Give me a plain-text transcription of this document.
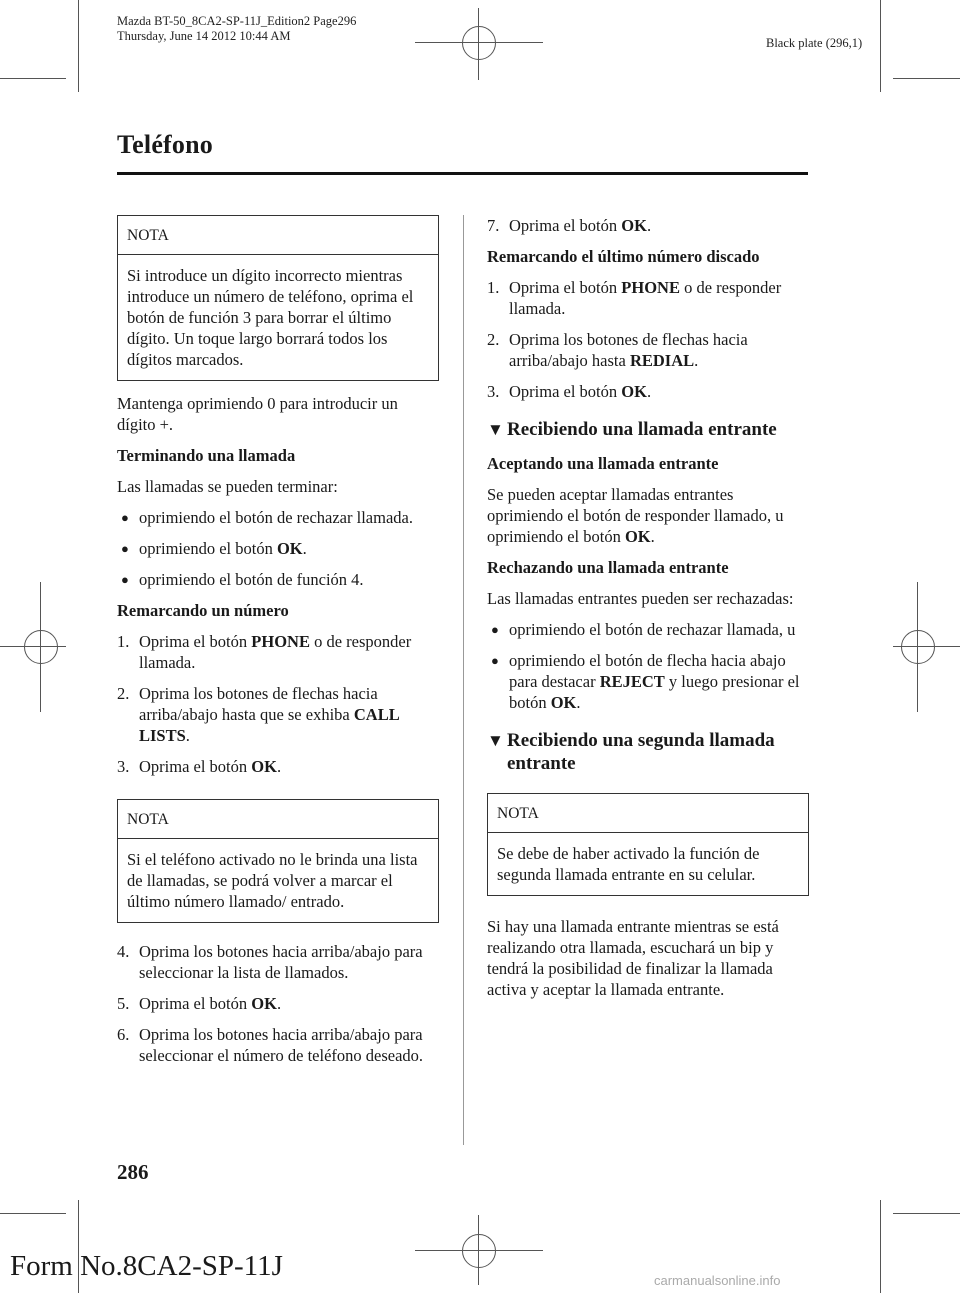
Mazda BT-50_8CA2-SP-11J_Edition2 Page296
Thursday, June 14 2012 10:44 AM	Black plate (296,1)
Teléfono
NOTA
Si introduce un dígito incorrecto mientras introduce un número de teléfono, oprima el botón de función 3 para borrar el último dígito. Un toque largo borrará todos los dígitos marcados.

Mantenga oprimiendo 0 para introducir un dígito +.

Terminando una llamada

Las llamadas se pueden terminar:

● oprimiendo el botón de rechazar llamada.
● oprimiendo el botón OK.
● oprimiendo el botón de función 4.
Remarcando un número
1. Oprima el botón PHONE o de responder llamada.
2. Oprima los botones de flechas hacia arriba/abajo hasta que se exhiba CALL LISTS.
3. Oprima el botón OK.
NOTA
Si el teléfono activado no le brinda una lista de llamadas, se podrá volver a marcar el último número llamado/ entrado.
4. Oprima los botones hacia arriba/abajo para seleccionar la lista de llamados.
5. Oprima el botón OK.
6. Oprima los botones hacia arriba/abajo para seleccionar el número de teléfono deseado.
7. Oprima el botón OK.
Remarcando el último número discado
1. Oprima el botón PHONE o de responder llamada.
2. Oprima los botones de flechas hacia arriba/abajo hasta REDIAL.
3. Oprima el botón OK.
▼ Recibiendo una llamada entrante
Aceptando una llamada entrante

Se pueden aceptar llamadas entrantes oprimiendo el botón de responder llamado, u oprimiendo el botón OK.

Rechazando una llamada entrante

Las llamadas entrantes pueden ser rechazadas:

● oprimiendo el botón de rechazar llamada, u
● oprimiendo el botón de flecha hacia abajo para destacar REJECT y luego presionar el botón OK.
▼ Recibiendo una segunda llamada entrante
NOTA
Se debe de haber activado la función de segunda llamada entrante en su celular.

Si hay una llamada entrante mientras se está realizando otra llamada, escuchará un bip y tendrá la posibilidad de finalizar la llamada activa y aceptar la llamada entrante.

286
Form No.8CA2-SP-11J	carmanualsonline.info
